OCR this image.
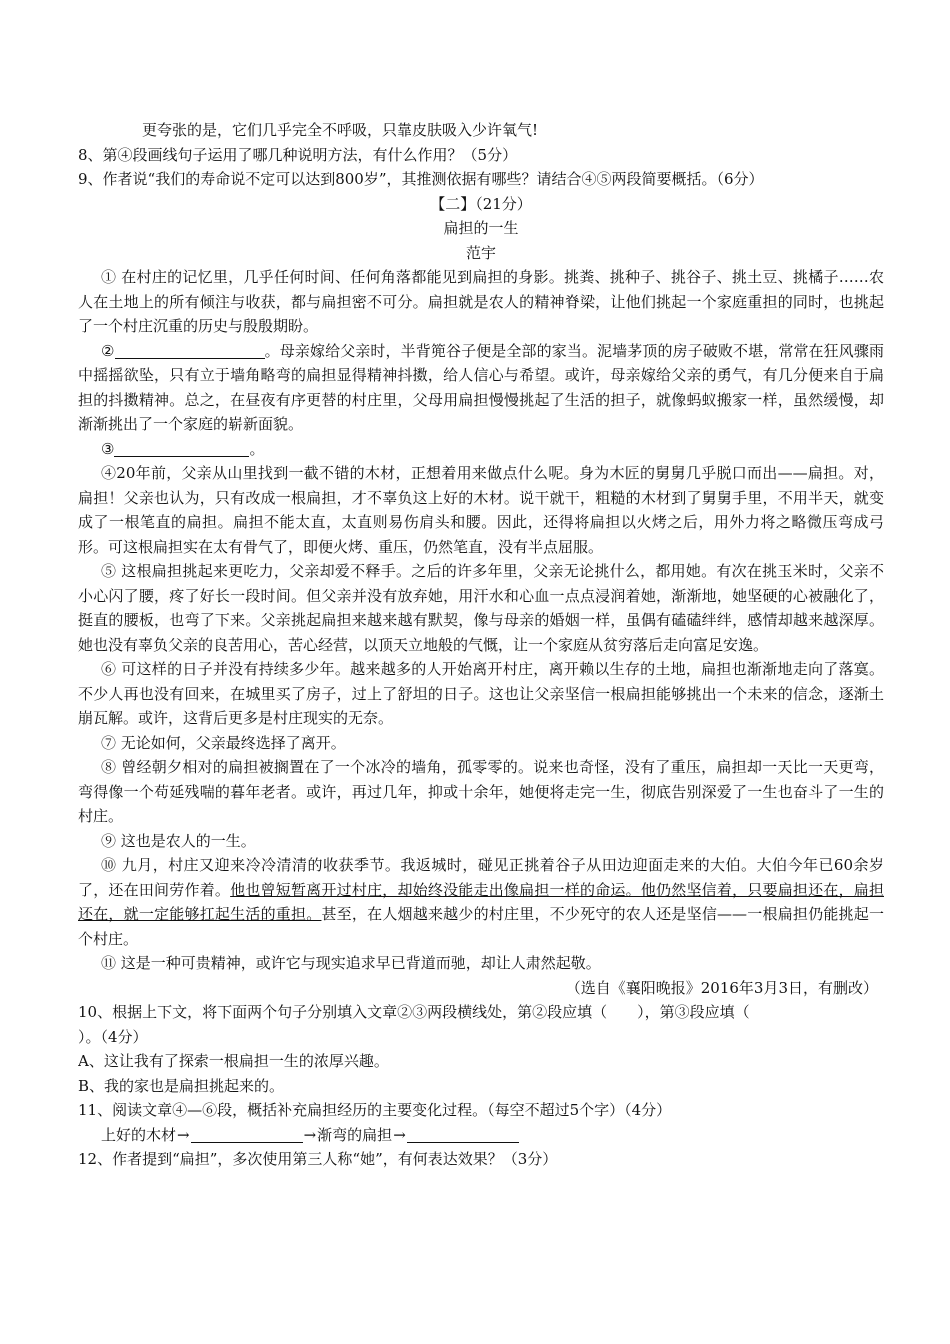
更夸张的是，它们几乎完全不呼吸，只靠皮肤吸入少许氧气!
8、第④段画线句子运用了哪几种说明方法，有什么作用？（5分）
9、作者说“我们的寿命说不定可以达到800岁”，其推测依据有哪些？请结合④⑤两段简要概括。（6分）
【二】（21分）
扁担的一生
范宇

① 在村庄的记忆里，几乎任何时间、任何角落都能见到扁担的身影。挑粪、挑种子、挑谷子、挑土豆、挑橘子……农人在土地上的所有倾注与收获，都与扁担密不可分。扁担就是农人的精神脊梁，让他们挑起一个家庭重担的同时，也挑起了一个村庄沉重的历史与殷殷期盼。

②	。母亲嫁给父亲时，半背篼谷子便是全部的家当。泥墙茅顶的房子破败不堪，常常在狂风骤雨中摇摇欲坠，只有立于墙角略弯的扁担显得精神抖擞，给人信心与希望。或许，母亲嫁给父亲的勇气，有几分便来自于扁担的抖擞精神。总之，在昼夜有序更替的村庄里，父母用扁担慢慢挑起了生活的担子，就像蚂蚁搬家一样，虽然缓慢，却渐渐挑出了一个家庭的崭新面貌。

③	。

④20年前，父亲从山里找到一截不错的木材，正想着用来做点什么呢。身为木匠的舅舅几乎脱口而出——扁担。对，扁担！父亲也认为，只有改成一根扁担，才不辜负这上好的木材。说干就干，粗糙的木材到了舅舅手里，不用半天，就变成了一根笔直的扁担。扁担不能太直，太直则易伤肩头和腰。因此，还得将扁担以火烤之后，用外力将之略微压弯成弓形。可这根扁担实在太有骨气了，即便火烤、重压，仍然笔直，没有半点屈服。

⑤ 这根扁担挑起来更吃力，父亲却爱不释手。之后的许多年里，父亲无论挑什么，都用她。有次在挑玉米时，父亲不小心闪了腰，疼了好长一段时间。但父亲并没有放弃她，用汗水和心血一点点浸润着她，渐渐地，她坚硬的心被融化了，挺直的腰板，也弯了下来。父亲挑起扁担来越来越有默契，像与母亲的婚姻一样，虽偶有磕磕绊绊，感情却越来越深厚。她也没有辜负父亲的良苦用心，苦心经营，以顶天立地般的气慨，让一个家庭从贫穷落后走向富足安逸。

⑥ 可这样的日子并没有持续多少年。越来越多的人开始离开村庄，离开赖以生存的土地，扁担也渐渐地走向了落寞。不少人再也没有回来，在城里买了房子，过上了舒坦的日子。这也让父亲坚信一根扁担能够挑出一个未来的信念，逐渐土崩瓦解。或许，这背后更多是村庄现实的无奈。

⑦ 无论如何，父亲最终选择了离开。

⑧ 曾经朝夕相对的扁担被搁置在了一个冰冷的墙角，孤零零的。说来也奇怪，没有了重压，扁担却一天比一天更弯，弯得像一个苟延残喘的暮年老者。或许，再过几年，抑或十余年，她便将走完一生，彻底告别深爱了一生也奋斗了一生的村庄。

⑨ 这也是农人的一生。

⑩ 九月，村庄又迎来冷冷清清的收获季节。我返城时，碰见正挑着谷子从田边迎面走来的大伯。大伯今年已60余岁了，还在田间劳作着。他也曾短暂离开过村庄，却始终没能走出像扁担一样的命运。他仍然坚信着，只要扁担还在，扁担还在，就一定能够扛起生活的重担。甚至，在人烟越来越少的村庄里，不少死守的农人还是坚信——一根扁担仍能挑起一个村庄。

⑪ 这是一种可贵精神，或许它与现实追求早已背道而驰，却让人肃然起敬。

（选自《襄阳晚报》2016年3月3日，有删改）
10、根据上下文，将下面两个句子分别填入文章②③两段横线处，第②段应填（　　），第③段应填（
）。（4分）
A、这让我有了探索一根扁担一生的浓厚兴趣。
B、我的家也是扁担挑起来的。
11、阅读文章④—⑥段，概括补充扁担经历的主要变化过程。（每空不超过5个字）（4分）
上好的木材→	→渐弯的扁担→
12、作者提到“扁担”，多次使用第三人称“她”，有何表达效果？（3分）
